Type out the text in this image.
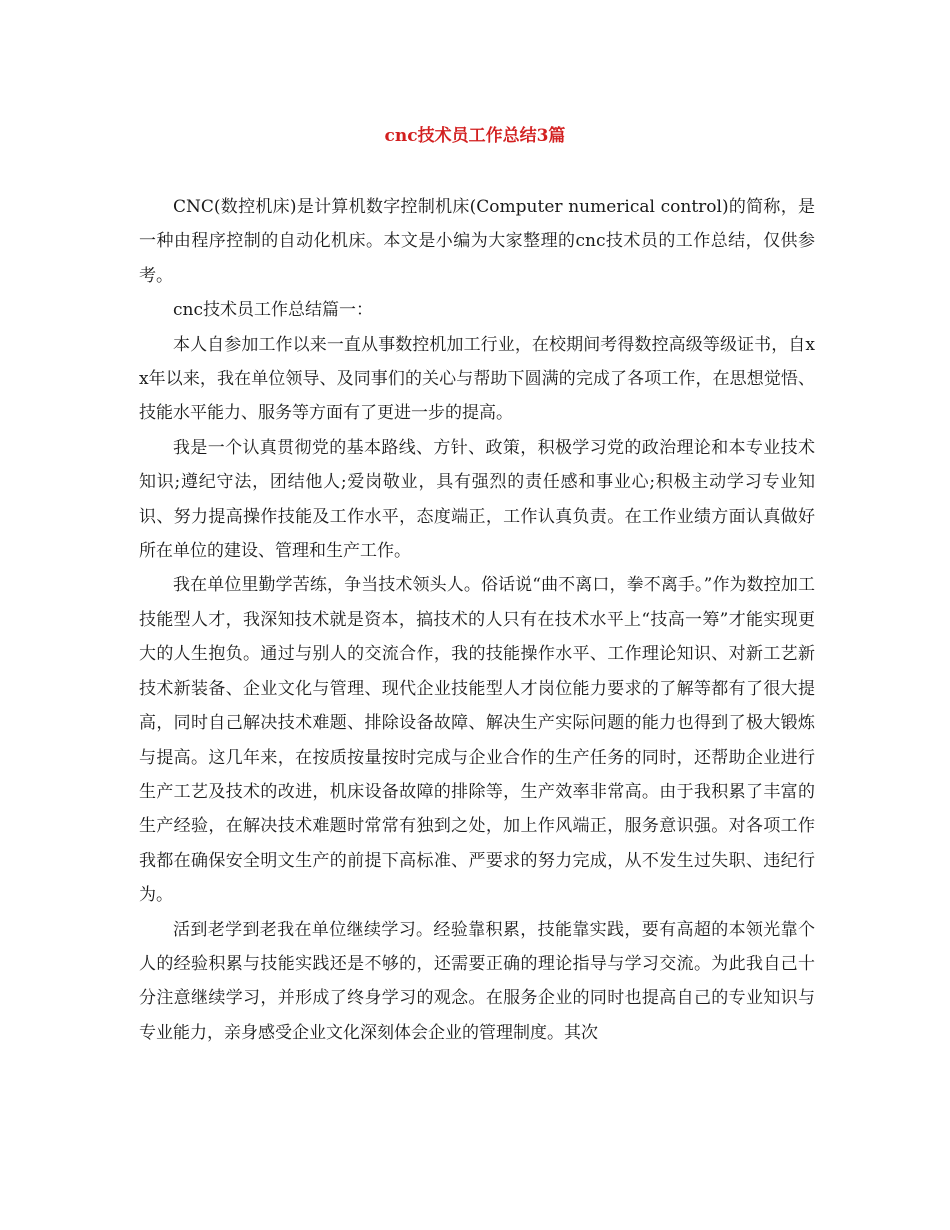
cnc技术员工作总结3篇

CNC(数控机床)是计算机数字控制机床(Computer numerical control)的简称，是一种由程序控制的自动化机床。本文是小编为大家整理的cnc技术员的工作总结，仅供参考。

cnc技术员工作总结篇一：

本人自参加工作以来一直从事数控机加工行业，在校期间考得数控高级等级证书，自xx年以来，我在单位领导、及同事们的关心与帮助下圆满的完成了各项工作，在思想觉悟、技能水平能力、服务等方面有了更进一步的提高。

我是一个认真贯彻党的基本路线、方针、政策，积极学习党的政治理论和本专业技术知识;遵纪守法，团结他人;爱岗敬业，具有强烈的责任感和事业心;积极主动学习专业知识、努力提高操作技能及工作水平，态度端正，工作认真负责。在工作业绩方面认真做好所在单位的建设、管理和生产工作。

我在单位里勤学苦练，争当技术领头人。俗话说“曲不离口，拳不离手。”作为数控加工技能型人才，我深知技术就是资本，搞技术的人只有在技术水平上“技高一筹”才能实现更大的人生抱负。通过与别人的交流合作，我的技能操作水平、工作理论知识、对新工艺新技术新装备、企业文化与管理、现代企业技能型人才岗位能力要求的了解等都有了很大提高，同时自己解决技术难题、排除设备故障、解决生产实际问题的能力也得到了极大锻炼与提高。这几年来，在按质按量按时完成与企业合作的生产任务的同时，还帮助企业进行生产工艺及技术的改进，机床设备故障的排除等，生产效率非常高。由于我积累了丰富的生产经验，在解决技术难题时常常有独到之处，加上作风端正，服务意识强。对各项工作我都在确保安全明文生产的前提下高标准、严要求的努力完成，从不发生过失职、违纪行为。

活到老学到老我在单位继续学习。经验靠积累，技能靠实践，要有高超的本领光靠个人的经验积累与技能实践还是不够的，还需要正确的理论指导与学习交流。为此我自己十分注意继续学习，并形成了终身学习的观念。在服务企业的同时也提高自己的专业知识与专业能力，亲身感受企业文化深刻体会企业的管理制度。其次
